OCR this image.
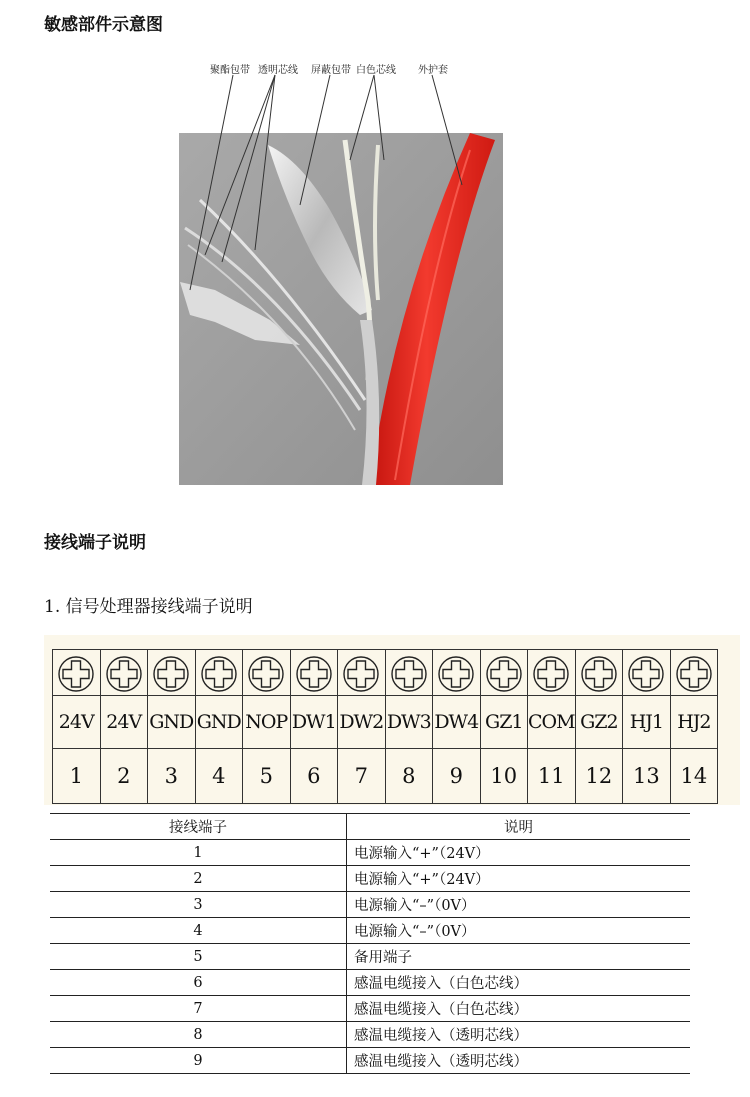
敏感部件示意图
聚酯包带 透明芯线 屏蔽包带 白色芯线 外护套
接线端子说明
1. 信号处理器接线端子说明

24V	24V	GND	GND	NOP	DW1	DW2	DW3	DW4	GZ1	COM	GZ2	HJ1	HJ2
1	2	3	4	5	6	7	8	9	10	11	12	13	14
接线端子	说明
1	电源输入“+”（24V）
2	电源输入“+”（24V）
3	电源输入“–”（0V）
4	电源输入“–”（0V）
5	备用端子
6	感温电缆接入（白色芯线）
7	感温电缆接入（白色芯线）
8	感温电缆接入（透明芯线）
9	感温电缆接入（透明芯线）
